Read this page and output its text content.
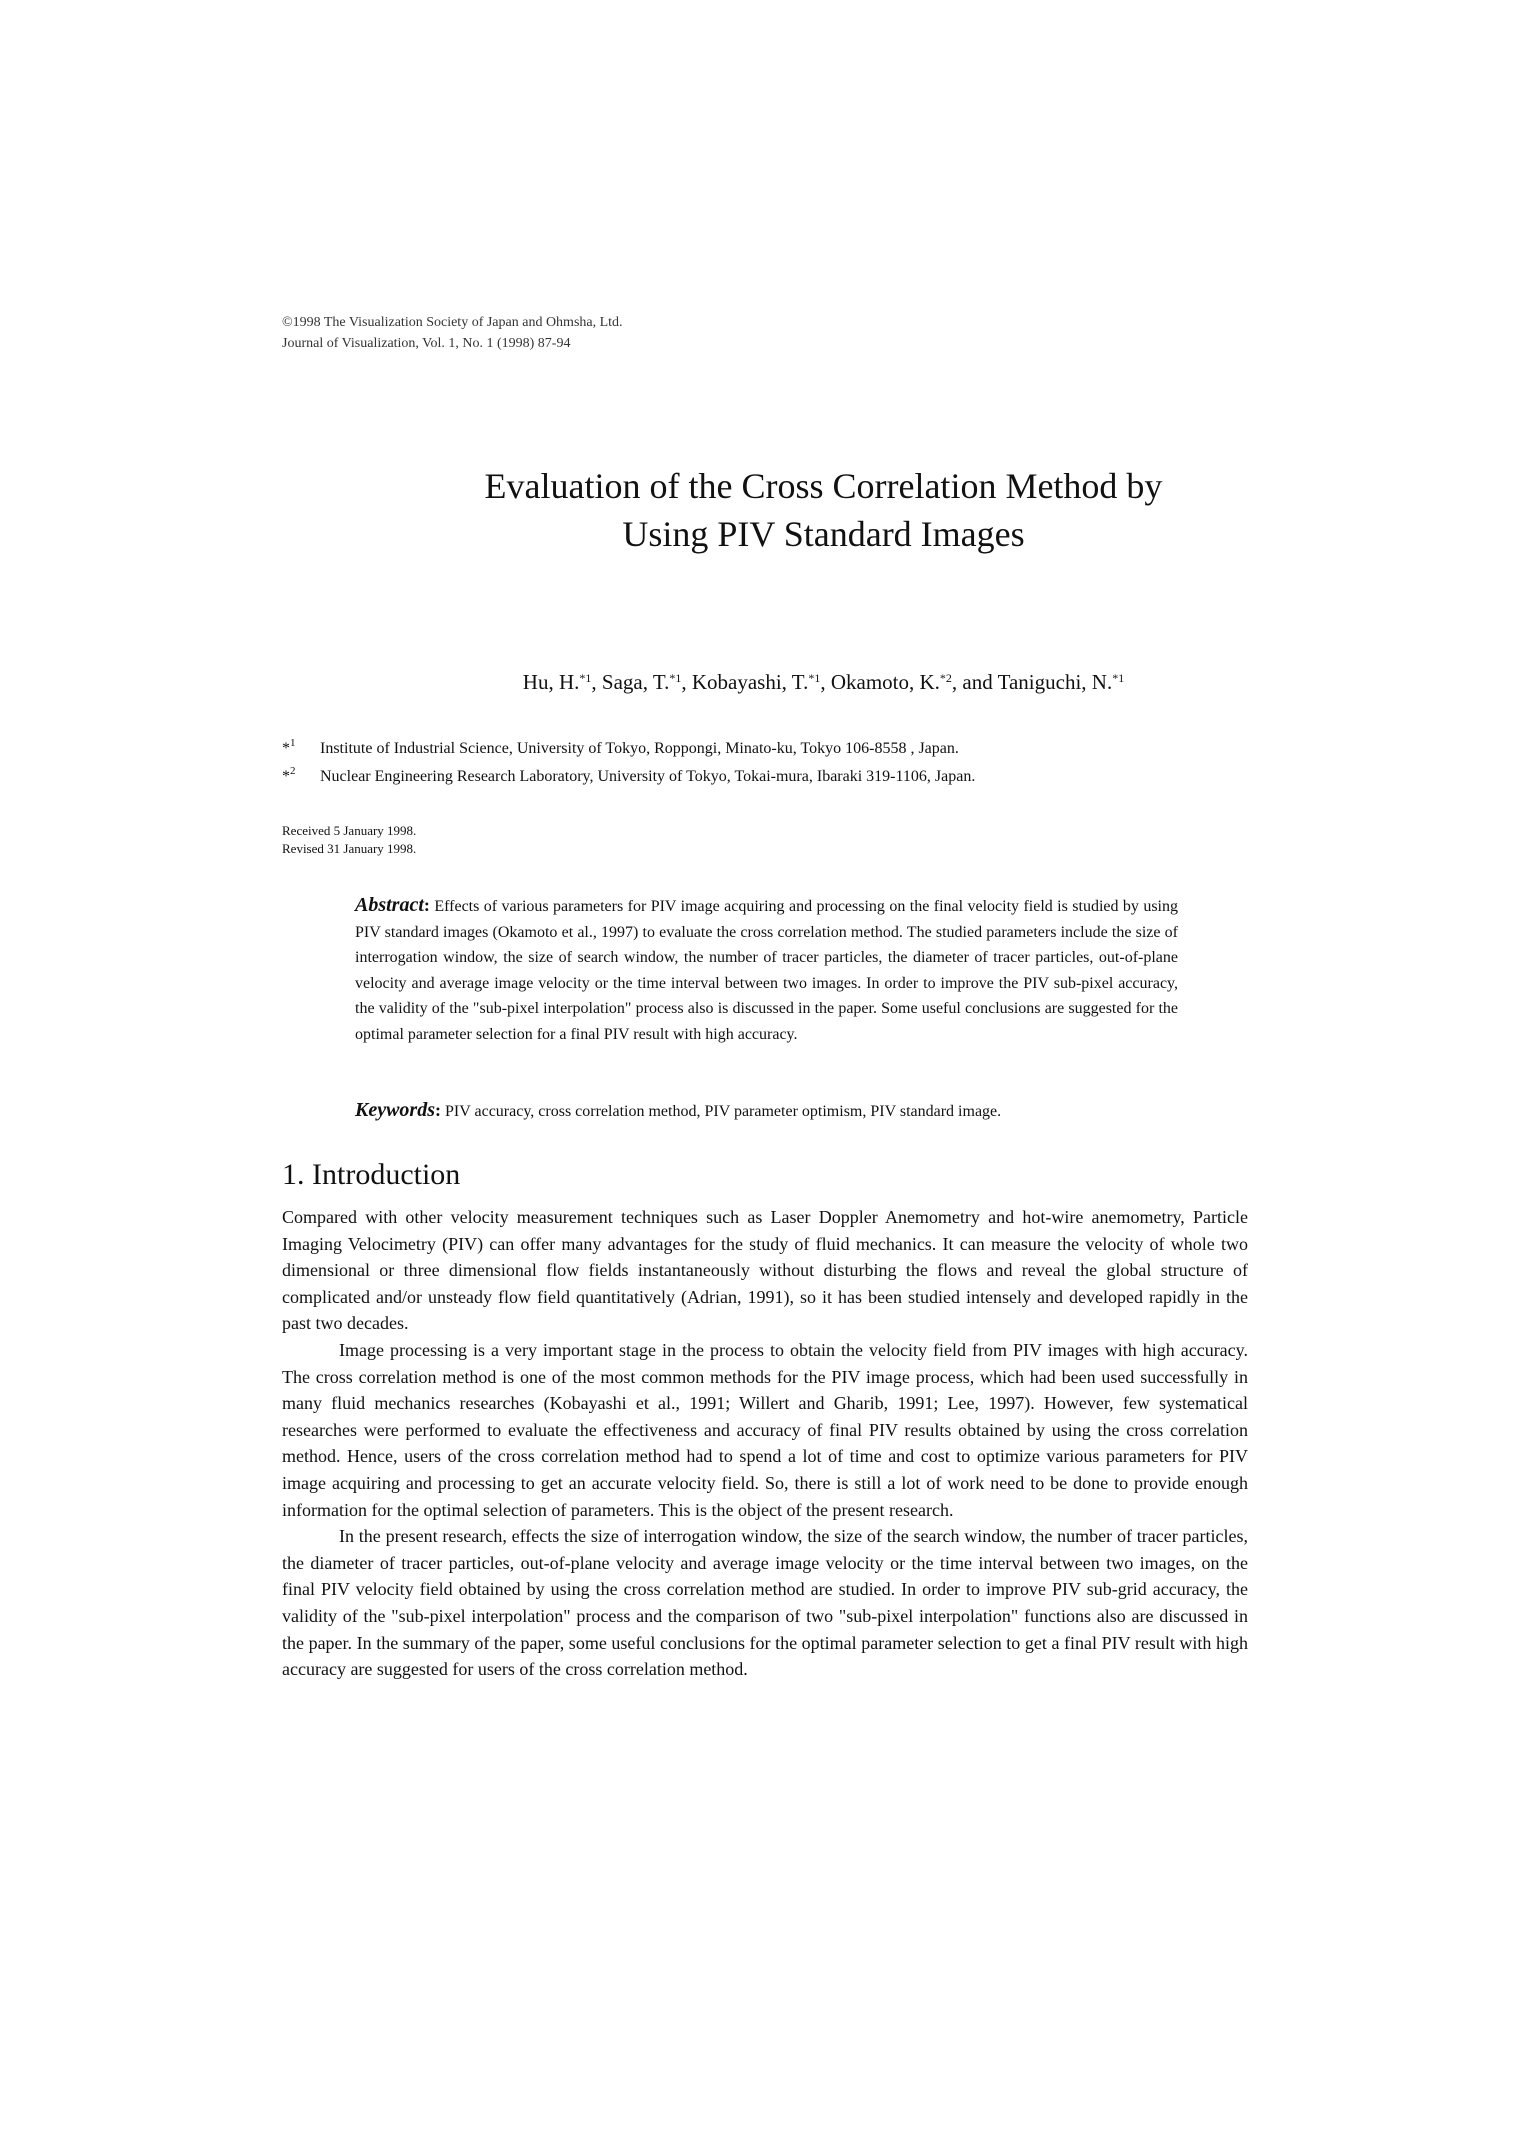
©1998 The Visualization Society of Japan and Ohmsha, Ltd.
Journal of Visualization, Vol. 1, No. 1 (1998) 87-94
Evaluation of the Cross Correlation Method by
Using PIV Standard Images
Hu, H.$^{*1}$, Saga, T.$^{*1}$, Kobayashi, T.$^{*1}$, Okamoto, K.$^{*2}$, and Taniguchi, N.$^{*1}$
*$^1$ Institute of Industrial Science, University of Tokyo, Roppongi, Minato-ku, Tokyo 106-8558 , Japan.
*$^2$ Nuclear Engineering Research Laboratory, University of Tokyo, Tokai-mura, Ibaraki 319-1106, Japan.
Received 5 January 1998.
Revised 31 January 1998.
Abstract: Effects of various parameters for PIV image acquiring and processing on the final velocity field is studied by using PIV standard images (Okamoto et al., 1997) to evaluate the cross correlation method. The studied parameters include the size of interrogation window, the size of search window, the number of tracer particles, the diameter of tracer particles, out-of-plane velocity and average image velocity or the time interval between two images. In order to improve the PIV sub-pixel accuracy, the validity of the "sub-pixel interpolation" process also is discussed in the paper. Some useful conclusions are suggested for the optimal parameter selection for a final PIV result with high accuracy.
Keywords: PIV accuracy, cross correlation method, PIV parameter optimism, PIV standard image.
1. Introduction

Compared with other velocity measurement techniques such as Laser Doppler Anemometry and hot-wire anemometry, Particle Imaging Velocimetry (PIV) can offer many advantages for the study of fluid mechanics. It can measure the velocity of whole two dimensional or three dimensional flow fields instantaneously without disturbing the flows and reveal the global structure of complicated and/or unsteady flow field quantitatively (Adrian, 1991), so it has been studied intensely and developed rapidly in the past two decades.

Image processing is a very important stage in the process to obtain the velocity field from PIV images with high accuracy. The cross correlation method is one of the most common methods for the PIV image process, which had been used successfully in many fluid mechanics researches (Kobayashi et al., 1991; Willert and Gharib, 1991; Lee, 1997). However, few systematical researches were performed to evaluate the effectiveness and accuracy of final PIV results obtained by using the cross correlation method. Hence, users of the cross correlation method had to spend a lot of time and cost to optimize various parameters for PIV image acquiring and processing to get an accurate velocity field. So, there is still a lot of work need to be done to provide enough information for the optimal selection of parameters. This is the object of the present research.

In the present research, effects the size of interrogation window, the size of the search window, the number of tracer particles, the diameter of tracer particles, out-of-plane velocity and average image velocity or the time interval between two images, on the final PIV velocity field obtained by using the cross correlation method are studied. In order to improve PIV sub-grid accuracy, the validity of the "sub-pixel interpolation" process and the comparison of two "sub-pixel interpolation" functions also are discussed in the paper. In the summary of the paper, some useful conclusions for the optimal parameter selection to get a final PIV result with high accuracy are suggested for users of the cross correlation method.
